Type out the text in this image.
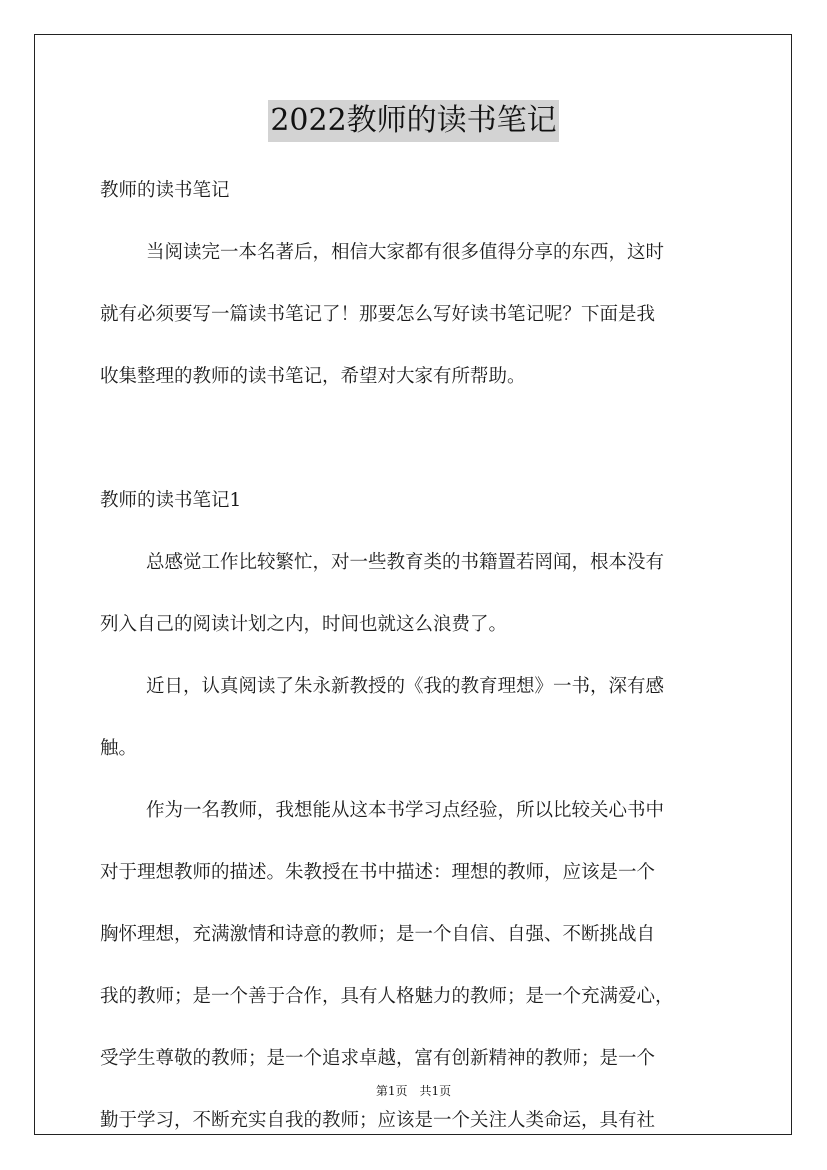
2022教师的读书笔记
教师的读书笔记
当阅读完一本名著后，相信大家都有很多值得分享的东西，这时
就有必须要写一篇读书笔记了！那要怎么写好读书笔记呢？下面是我
收集整理的教师的读书笔记，希望对大家有所帮助。
教师的读书笔记1
总感觉工作比较繁忙，对一些教育类的书籍置若罔闻，根本没有
列入自己的阅读计划之内，时间也就这么浪费了。
近日，认真阅读了朱永新教授的《我的教育理想》一书，深有感
触。
作为一名教师，我想能从这本书学习点经验，所以比较关心书中
对于理想教师的描述。朱教授在书中描述：理想的教师，应该是一个
胸怀理想，充满激情和诗意的教师；是一个自信、自强、不断挑战自
我的教师；是一个善于合作，具有人格魅力的教师；是一个充满爱心，
受学生尊敬的教师；是一个追求卓越，富有创新精神的教师；是一个
勤于学习，不断充实自我的教师；应该是一个关注人类命运，具有社
第1页　共1页
